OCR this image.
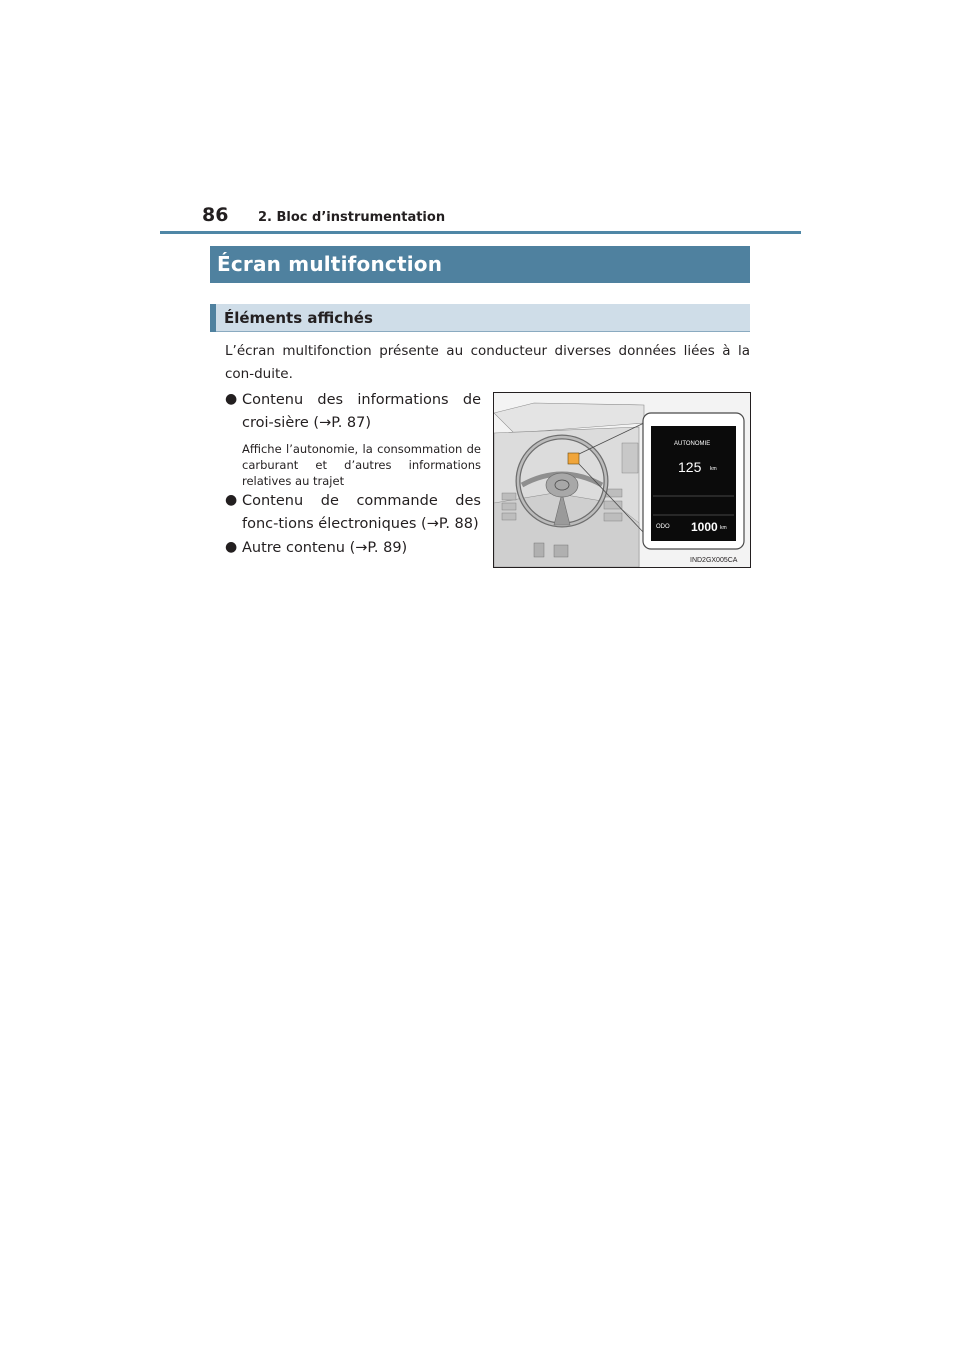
86 2. Bloc d’instrumentation
Écran multifonction
Éléments affichés

L’écran multifonction présente au conducteur diverses données liées à la con-duite.

● Contenu des informations de croi-sière (→P. 87)

Affiche l’autonomie, la consommation de carburant et d’autres informations relatives au trajet

● Contenu de commande des fonc-tions électroniques (→P. 88)

● Autre contenu (→P. 89)

AUTONOMIE
125 km
ODO 1000 km
IND2GX005CA
